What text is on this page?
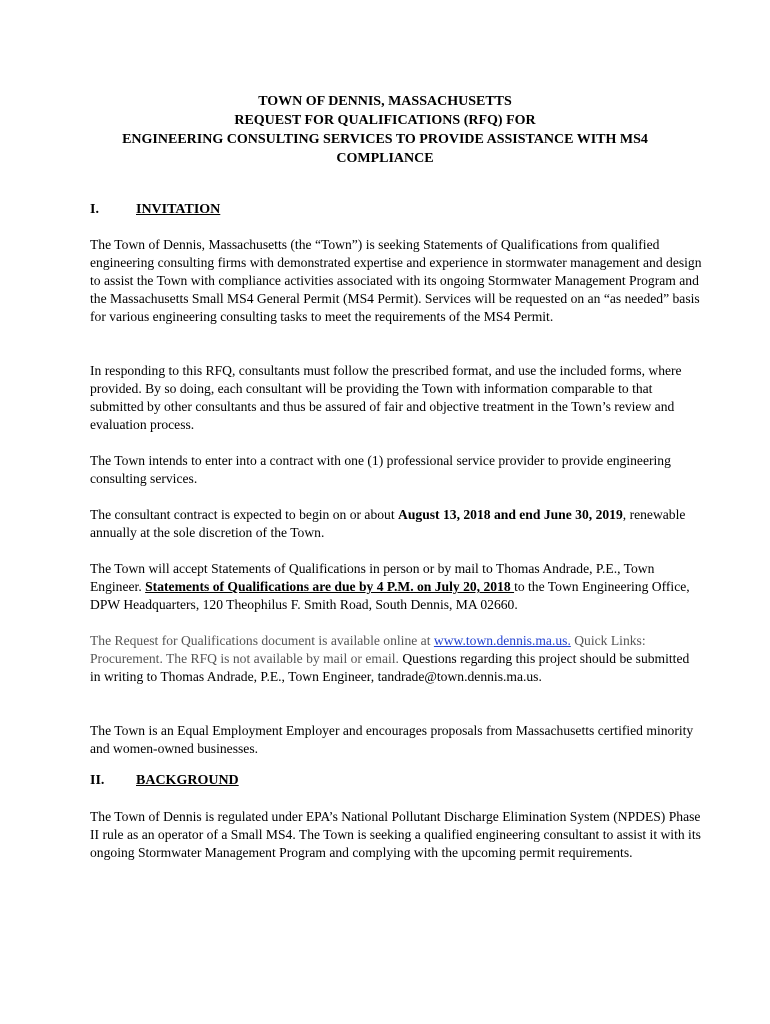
TOWN OF DENNIS, MASSACHUSETTS
REQUEST FOR QUALIFICATIONS (RFQ) FOR
ENGINEERING CONSULTING SERVICES TO PROVIDE ASSISTANCE WITH MS4
COMPLIANCE
I.	INVITATION

The Town of Dennis, Massachusetts (the “Town”) is seeking Statements of Qualifications from qualified engineering consulting firms with demonstrated expertise and experience in stormwater management and design to assist the Town with compliance activities associated with its ongoing Stormwater Management Program and the Massachusetts Small MS4 General Permit (MS4 Permit). Services will be requested on an “as needed” basis for various engineering consulting tasks to meet the requirements of the MS4 Permit.

In responding to this RFQ, consultants must follow the prescribed format, and use the included forms, where provided. By so doing, each consultant will be providing the Town with information comparable to that submitted by other consultants and thus be assured of fair and objective treatment in the Town’s review and evaluation process.

The Town intends to enter into a contract with one (1) professional service provider to provide engineering consulting services.

The consultant contract is expected to begin on or about August 13, 2018 and end June 30, 2019, renewable annually at the sole discretion of the Town.

The Town will accept Statements of Qualifications in person or by mail to Thomas Andrade, P.E., Town Engineer. Statements of Qualifications are due by 4 P.M. on July 20, 2018 to the Town Engineering Office, DPW Headquarters, 120 Theophilus F. Smith Road, South Dennis, MA 02660.

The Request for Qualifications document is available online at www.town.dennis.ma.us. Quick Links: Procurement. The RFQ is not available by mail or email. Questions regarding this project should be submitted in writing to Thomas Andrade, P.E., Town Engineer, tandrade@town.dennis.ma.us.

The Town is an Equal Employment Employer and encourages proposals from Massachusetts certified minority and women-owned businesses.

II. BACKGROUND

The Town of Dennis is regulated under EPA’s National Pollutant Discharge Elimination System (NPDES) Phase II rule as an operator of a Small MS4. The Town is seeking a qualified engineering consultant to assist it with its ongoing Stormwater Management Program and complying with the upcoming permit requirements.
